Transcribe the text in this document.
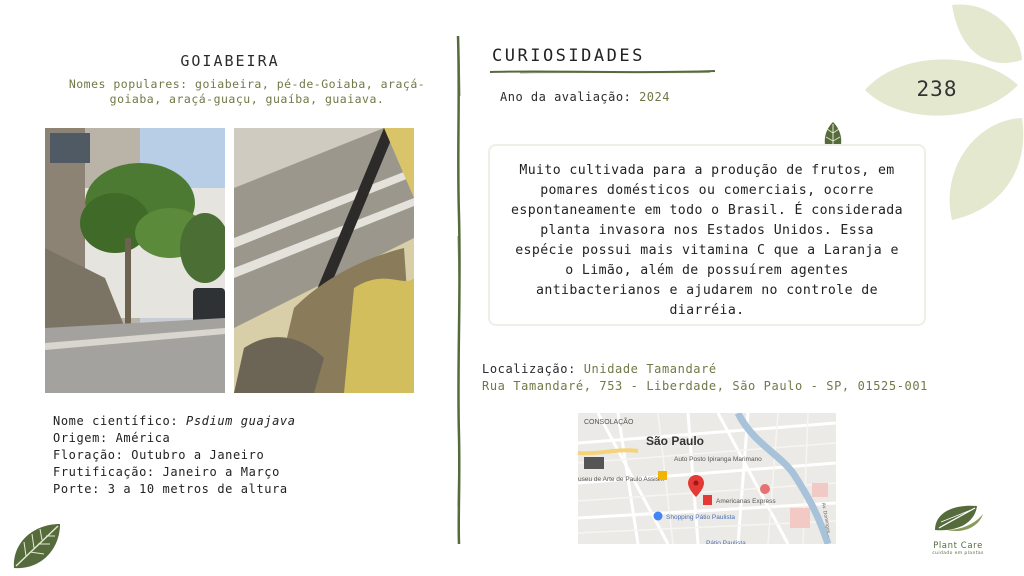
238
GOIABEIRA
Nomes populares: goiabeira, pé-de-Goiaba, araçá-goiaba, araçá-guaçu, guaíba, guaiava.
Nome científico: Psdium guajava
Origem: América
Floração: Outubro a Janeiro
Frutificação: Janeiro a Março
Porte: 3 a 10 metros de altura
CURIOSIDADES
Ano da avaliação: 2024
Muito cultivada para a produção de frutos, em pomares domésticos ou comerciais, ocorre espontaneamente em todo o Brasil. É considerada planta invasora nos Estados Unidos. Essa espécie possui mais vitamina C que a Laranja e o Limão, além de possuírem agentes antibacterianos e ajudarem no controle de diarréia.
Localização: Unidade Tamandaré
Rua Tamandaré, 753 - Liberdade, São Paulo - SP, 01525-001
CONSOLAÇÃO
São Paulo
Auto Posto Ipiranga Marimano
useu de Arte de Paulo Assis...
Americanas Express
Shopping Pátio Paulista
Pátio Paulista
Av. Domingos...
Plant Care
cuidado em plantas
